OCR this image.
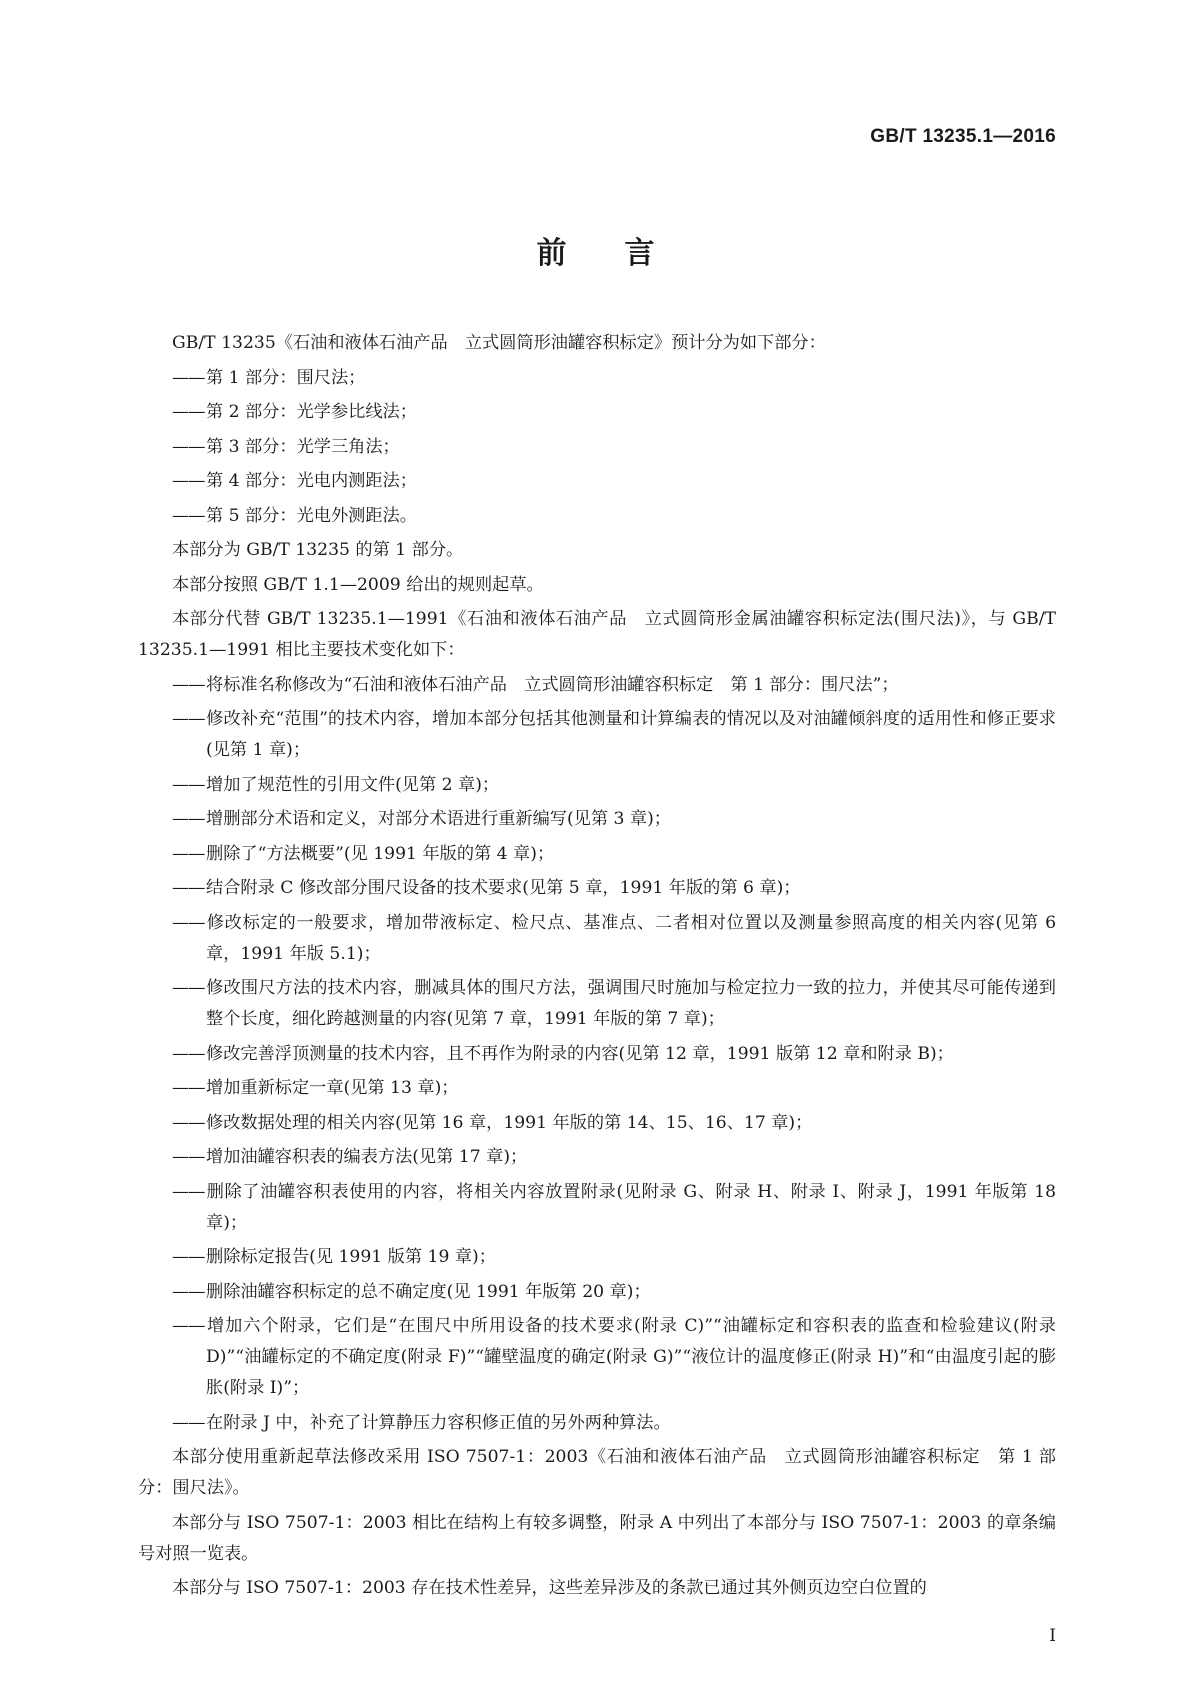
GB/T 13235.1—2016
前言

GB/T 13235《石油和液体石油产品　立式圆筒形油罐容积标定》预计分为如下部分：

——第 1 部分：围尺法；

——第 2 部分：光学参比线法；

——第 3 部分：光学三角法；

——第 4 部分：光电内测距法；

——第 5 部分：光电外测距法。

本部分为 GB/T 13235 的第 1 部分。

本部分按照 GB/T 1.1—2009 给出的规则起草。

本部分代替 GB/T 13235.1—1991《石油和液体石油产品　立式圆筒形金属油罐容积标定法(围尺法)》，与 GB/T 13235.1—1991 相比主要技术变化如下：

——将标准名称修改为“石油和液体石油产品　立式圆筒形油罐容积标定　第 1 部分：围尺法”；

——修改补充“范围”的技术内容，增加本部分包括其他测量和计算编表的情况以及对油罐倾斜度的适用性和修正要求(见第 1 章)；

——增加了规范性的引用文件(见第 2 章)；

——增删部分术语和定义，对部分术语进行重新编写(见第 3 章)；

——删除了“方法概要”(见 1991 年版的第 4 章)；

——结合附录 C 修改部分围尺设备的技术要求(见第 5 章，1991 年版的第 6 章)；

——修改标定的一般要求，增加带液标定、检尺点、基准点、二者相对位置以及测量参照高度的相关内容(见第 6 章，1991 年版 5.1)；

——修改围尺方法的技术内容，删减具体的围尺方法，强调围尺时施加与检定拉力一致的拉力，并使其尽可能传递到整个长度，细化跨越测量的内容(见第 7 章，1991 年版的第 7 章)；

——修改完善浮顶测量的技术内容，且不再作为附录的内容(见第 12 章，1991 版第 12 章和附录 B)；

——增加重新标定一章(见第 13 章)；

——修改数据处理的相关内容(见第 16 章，1991 年版的第 14、15、16、17 章)；

——增加油罐容积表的编表方法(见第 17 章)；

——删除了油罐容积表使用的内容，将相关内容放置附录(见附录 G、附录 H、附录 I、附录 J，1991 年版第 18 章)；

——删除标定报告(见 1991 版第 19 章)；

——删除油罐容积标定的总不确定度(见 1991 年版第 20 章)；

——增加六个附录，它们是“在围尺中所用设备的技术要求(附录 C)”“油罐标定和容积表的监查和检验建议(附录 D)”“油罐标定的不确定度(附录 F)”“罐壁温度的确定(附录 G)”“液位计的温度修正(附录 H)”和“由温度引起的膨胀(附录 I)”；

——在附录 J 中，补充了计算静压力容积修正值的另外两种算法。

本部分使用重新起草法修改采用 ISO 7507-1：2003《石油和液体石油产品　立式圆筒形油罐容积标定　第 1 部分：围尺法》。

本部分与 ISO 7507-1：2003 相比在结构上有较多调整，附录 A 中列出了本部分与 ISO 7507-1：2003 的章条编号对照一览表。

本部分与 ISO 7507-1：2003 存在技术性差异，这些差异涉及的条款已通过其外侧页边空白位置的

I
